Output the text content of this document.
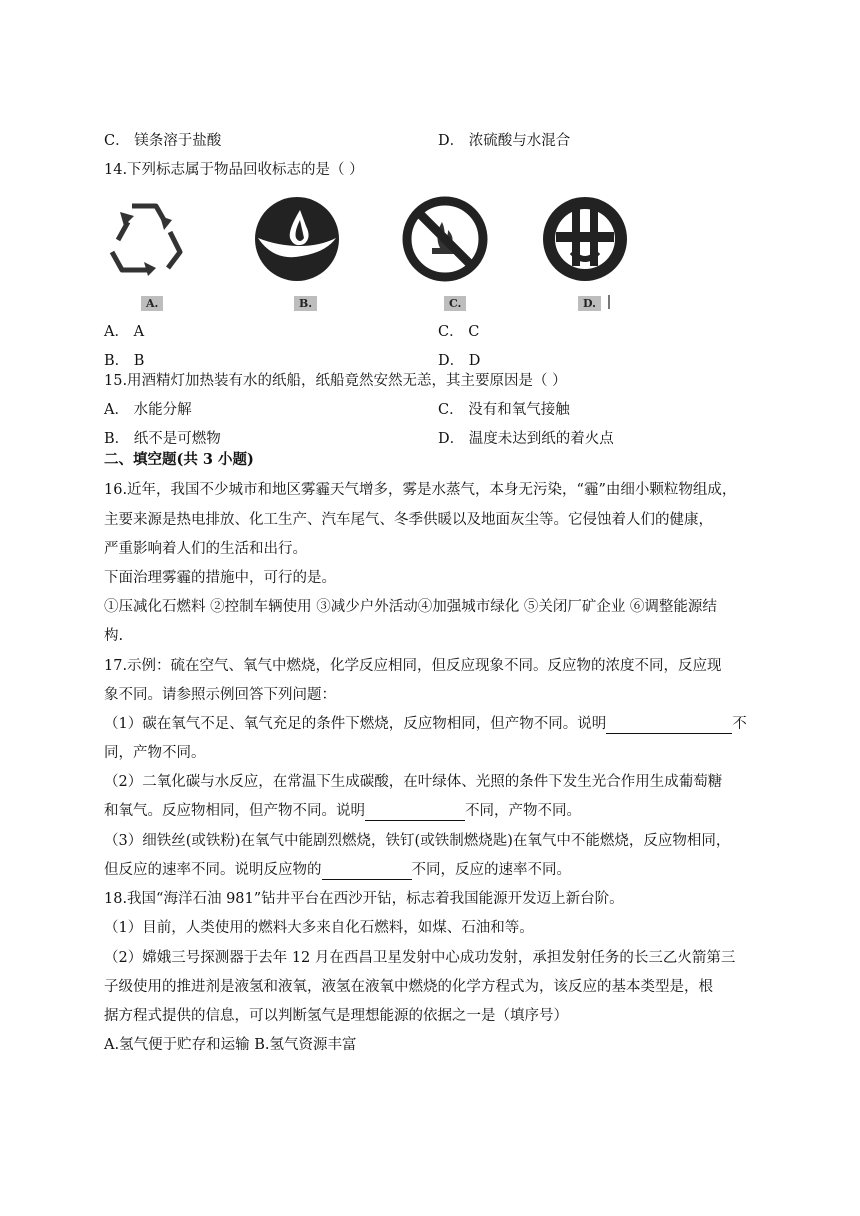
C． 镁条溶于盐酸	D． 浓硫酸与水混合
14.下列标志属于物品回收标志的是（ ）
A.	B.	C.	D.
A． A	C． C
B． B	D． D
15.用酒精灯加热装有水的纸船，纸船竟然安然无恙，其主要原因是（ ）
A． 水能分解	C． 没有和氧气接触
B． 纸不是可燃物	D． 温度未达到纸的着火点
二、填空题(共 3 小题)
16.近年，我国不少城市和地区雾霾天气增多，雾是水蒸气，本身无污染，“霾”由细小颗粒物组成，
主要来源是热电排放、化工生产、汽车尾气、冬季供暖以及地面灰尘等。它侵蚀着人们的健康，
严重影响着人们的生活和出行。
下面治理雾霾的措施中，可行的是。
①压减化石燃料 ②控制车辆使用 ③减少户外活动④加强城市绿化 ⑤关闭厂矿企业 ⑥调整能源结
构.
17.示例：硫在空气、氧气中燃烧，化学反应相同，但反应现象不同。反应物的浓度不同，反应现
象不同。请参照示例回答下列问题：
（1）碳在氧气不足、氧气充足的条件下燃烧，反应物相同，但产物不同。说明	不
同，产物不同。
（2）二氧化碳与水反应，在常温下生成碳酸，在叶绿体、光照的条件下发生光合作用生成葡萄糖
和氧气。反应物相同，但产物不同。说明	不同，产物不同。
（3）细铁丝(或铁粉)在氧气中能剧烈燃烧，铁钉(或铁制燃烧匙)在氧气中不能燃烧，反应物相同，
但反应的速率不同。说明反应物的	不同，反应的速率不同。
18.我国“海洋石油 981”钻井平台在西沙开钻，标志着我国能源开发迈上新台阶。
（1）目前，人类使用的燃料大多来自化石燃料，如煤、石油和等。
（2）嫦娥三号探测器于去年 12 月在西昌卫星发射中心成功发射，承担发射任务的长三乙火箭第三
子级使用的推进剂是液氢和液氧，液氢在液氧中燃烧的化学方程式为，该反应的基本类型是，根
据方程式提供的信息，可以判断氢气是理想能源的依据之一是（填序号）
A.氢气便于贮存和运输 B.氢气资源丰富
